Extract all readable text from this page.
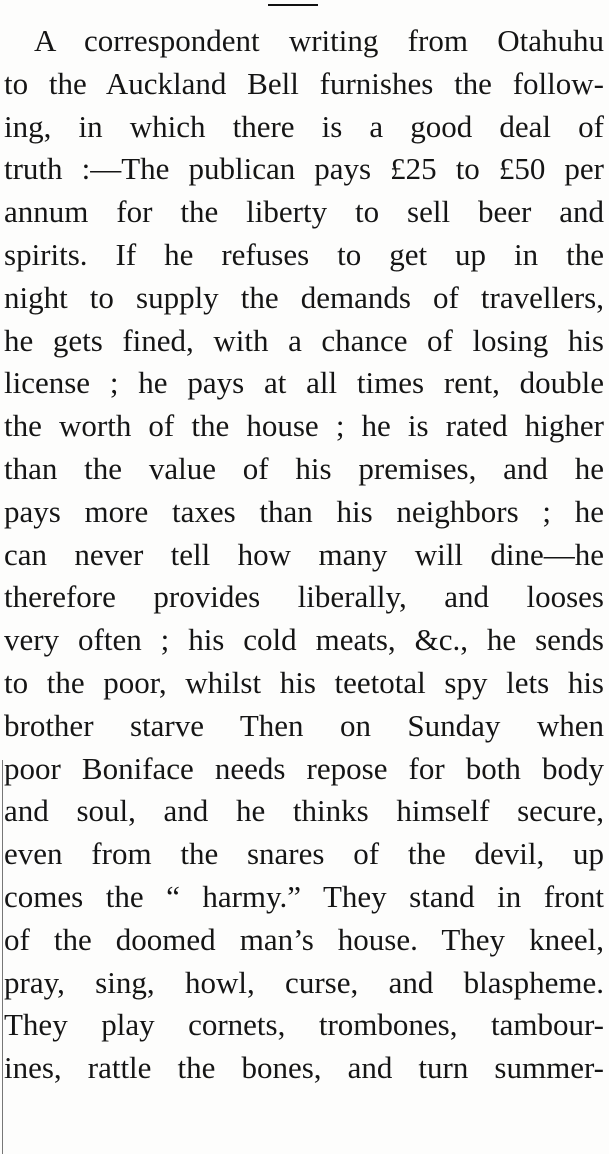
A correspondent writing from Otahuhu
to the Auckland Bell furnishes the follow-
ing, in which there is a good deal of
truth :—The publican pays £25 to £50 per
annum for the liberty to sell beer and
spirits. If he refuses to get up in the
night to supply the demands of travellers,
he gets fined, with a chance of losing his
license ; he pays at all times rent, double
the worth of the house ; he is rated higher
than the value of his premises, and he
pays more taxes than his neighbors ; he
can never tell how many will dine—he
therefore provides liberally, and looses
very often ; his cold meats, &c., he sends
to the poor, whilst his teetotal spy lets his
brother starve Then on Sunday when
poor Boniface needs repose for both body
and soul, and he thinks himself secure,
even from the snares of the devil, up
comes the “ harmy.” They stand in front
of the doomed man’s house. They kneel,
pray, sing, howl, curse, and blaspheme.
They play cornets, trombones, tambour-
ines, rattle the bones, and turn summer-
